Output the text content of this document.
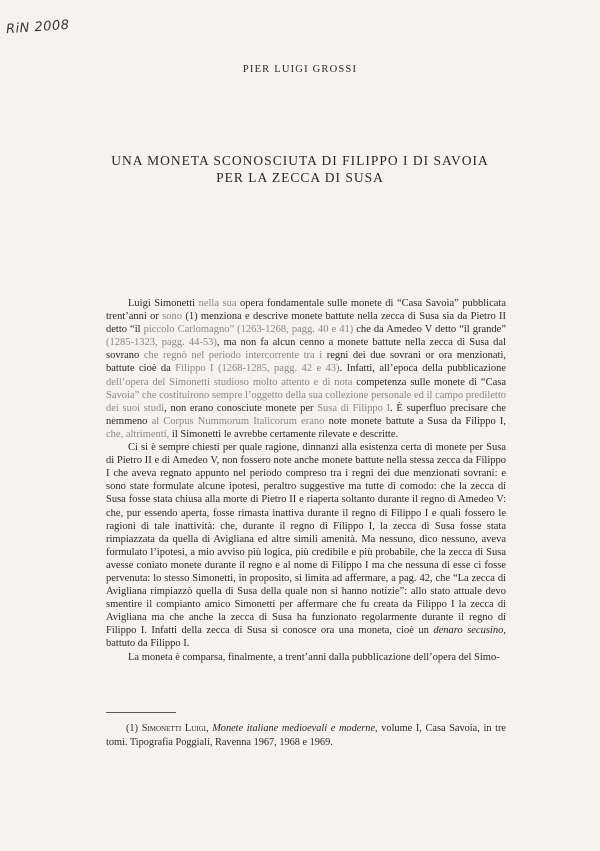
RiN 2008
PIER LUIGI GROSSI
UNA MONETA SCONOSCIUTA DI FILIPPO I DI SAVOIA
PER LA ZECCA DI SUSA

Luigi Simonetti nella sua opera fondamentale sulle monete di “Casa Savoia” pubblicata trent’anni or sono (1) menziona e descrive monete battute nella zecca di Susa sia da Pietro II detto “il piccolo Carlomagno” (1263-1268, pagg. 40 e 41) che da Amedeo V detto “il grande” (1285-1323, pagg. 44-53), ma non fa alcun cenno a monete battute nella zecca di Susa dal sovrano che regnò nel periodo intercorrente tra i regni dei due sovrani or ora menzionati, battute cioè da Filippo I (1268-1285, pagg. 42 e 43). Infatti, all’epoca della pubblicazione dell’opera del Simonetti studioso molto attento e di nota competenza sulle monete di “Casa Savoia” che costituirono sempre l’oggetto della sua collezione personale ed il campo prediletto dei suoi studi, non erano conosciute monete per Susa di Filippo I. È superfluo precisare che nemmeno al Corpus Nummorum Italicorum erano note monete battute a Susa da Filippo I, che, altrimenti, il Simonetti le avrebbe certamente rilevate e descritte.

Ci si è sempre chiesti per quale ragione, dinnanzi alla esistenza certa di monete per Susa di Pietro II e di Amedeo V, non fossero note anche monete battute nella stessa zecca da Filippo I che aveva regnato appunto nel periodo compreso tra i regni dei due menzionati sovrani: e sono state formulate alcune ipotesi, peraltro suggestive ma tutte di comodo: che la zecca di Susa fosse stata chiusa alla morte di Pietro II e riaperta soltanto durante il regno di Amedeo V: che, pur essendo aperta, fosse rimasta inattiva durante il regno di Filippo I e quali fossero le ragioni di tale inattività: che, durante il regno di Filippo I, la zecca di Susa fosse stata rimpiazzata da quella di Avigliana ed altre simili amenità. Ma nessuno, dico nessuno, aveva formulato l’ipotesi, a mio avviso più logica, più credibile e più probabile, che la zecca di Susa avesse coniato monete durante il regno e al nome di Filippo I ma che nessuna di esse ci fosse pervenuta: lo stesso Simonetti, in proposito, si limita ad affermare, a pag. 42, che “La zecca di Avigliana rimpiazzò quella di Susa della quale non si hanno notizie”: allo stato attuale devo smentire il compianto amico Simonetti per affermare che fu creata da Filippo I la zecca di Avigliana ma che anche la zecca di Susa ha funzionato regolarmente durante il regno di Filippo I. Infatti della zecca di Susa si conosce ora una moneta, cioè un denaro secusino, battuto da Filippo I.

La moneta è comparsa, finalmente, a trent’anni dalla pubblicazione dell’opera del Simo-

(1) Simonetti Luigi, Monete italiane medioevali e moderne, volume I, Casa Savoia, in tre tomi. Tipografia Poggiali, Ravenna 1967, 1968 e 1969.
